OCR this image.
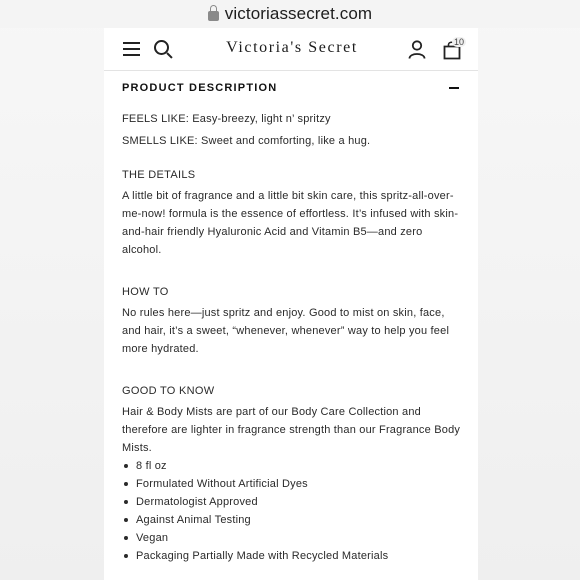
victoriassecret.com
Victoria's Secret	10
PRODUCT DESCRIPTION

FEELS LIKE: Easy-breezy, light n’ spritzy

SMELLS LIKE: Sweet and comforting, like a hug.

THE DETAILS

A little bit of fragrance and a little bit skin care, this spritz-all-over-me-now! formula is the essence of effortless. It’s infused with skin-and-hair friendly Hyaluronic Acid and Vitamin B5—and zero alcohol.

HOW TO

No rules here—just spritz and enjoy. Good to mist on skin, face, and hair, it’s a sweet, “whenever, whenever” way to help you feel more hydrated.

GOOD TO KNOW

Hair & Body Mists are part of our Body Care Collection and therefore are lighter in fragrance strength than our Fragrance Body Mists.

8 fl oz
Formulated Without Artificial Dyes
Dermatologist Approved
Against Animal Testing
Vegan
Packaging Partially Made with Recycled Materials
